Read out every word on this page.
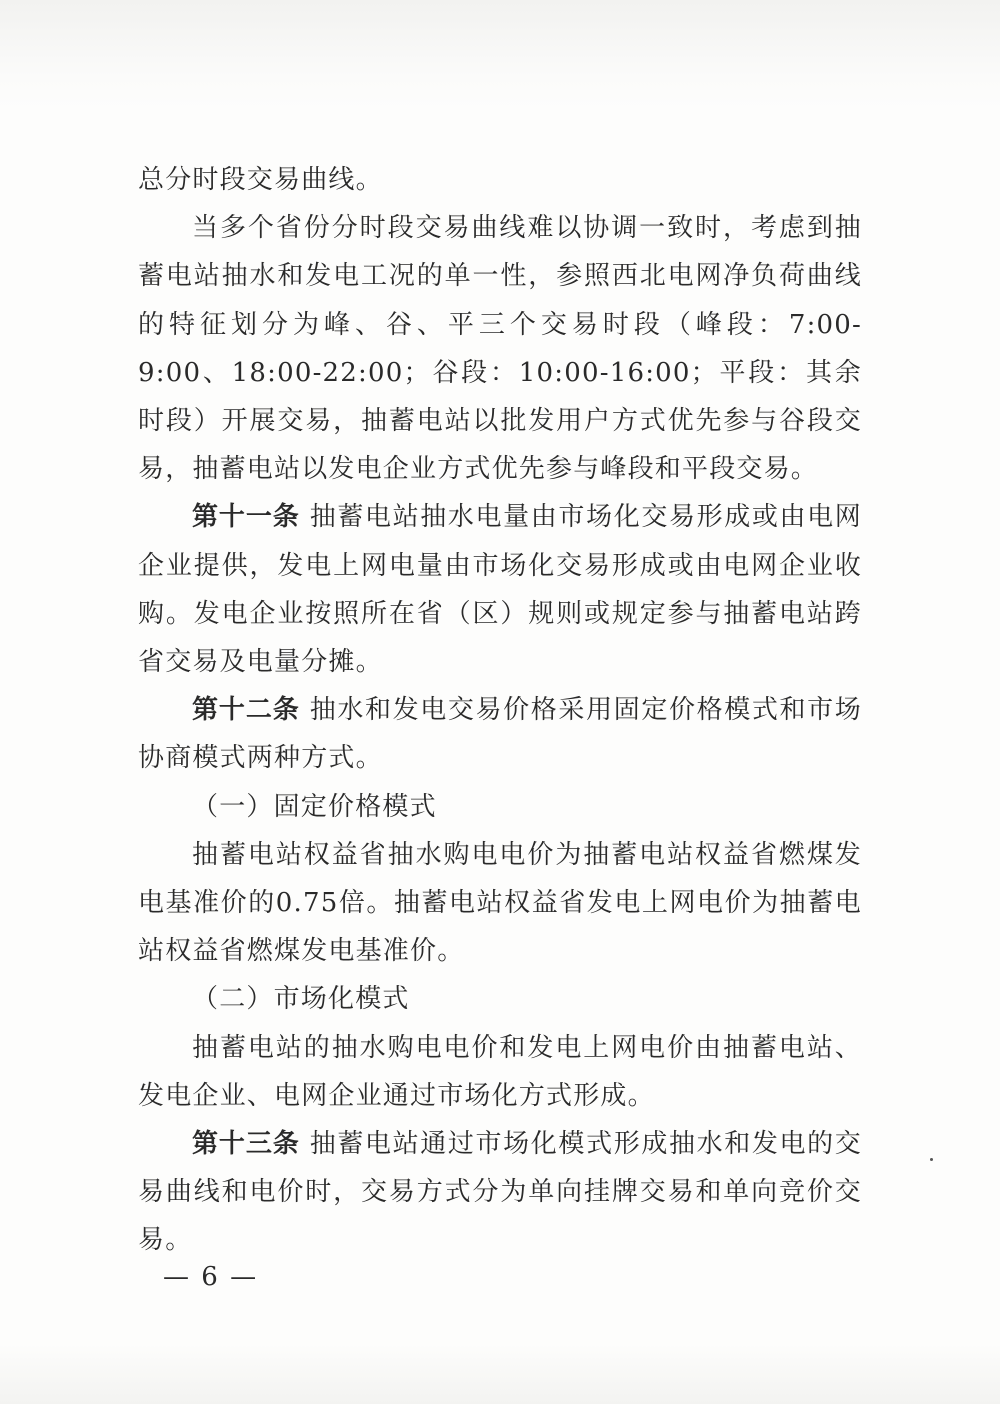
总分时段交易曲线。

当多个省份分时段交易曲线难以协调一致时，考虑到抽蓄电站抽水和发电工况的单一性，参照西北电网净负荷曲线的特征划分为峰、谷、平三个交易时段（峰段：7:00-9:00、18:00-22:00；谷段：10:00-16:00；平段：其余时段）开展交易，抽蓄电站以批发用户方式优先参与谷段交易，抽蓄电站以发电企业方式优先参与峰段和平段交易。

第十一条 抽蓄电站抽水电量由市场化交易形成或由电网企业提供，发电上网电量由市场化交易形成或由电网企业收购。发电企业按照所在省（区）规则或规定参与抽蓄电站跨省交易及电量分摊。

第十二条 抽水和发电交易价格采用固定价格模式和市场协商模式两种方式。

（一）固定价格模式

抽蓄电站权益省抽水购电电价为抽蓄电站权益省燃煤发电基准价的0.75倍。抽蓄电站权益省发电上网电价为抽蓄电站权益省燃煤发电基准价。

（二）市场化模式

抽蓄电站的抽水购电电价和发电上网电价由抽蓄电站、发电企业、电网企业通过市场化方式形成。

第十三条 抽蓄电站通过市场化模式形成抽水和发电的交易曲线和电价时，交易方式分为单向挂牌交易和单向竞价交易。

— 6 —
